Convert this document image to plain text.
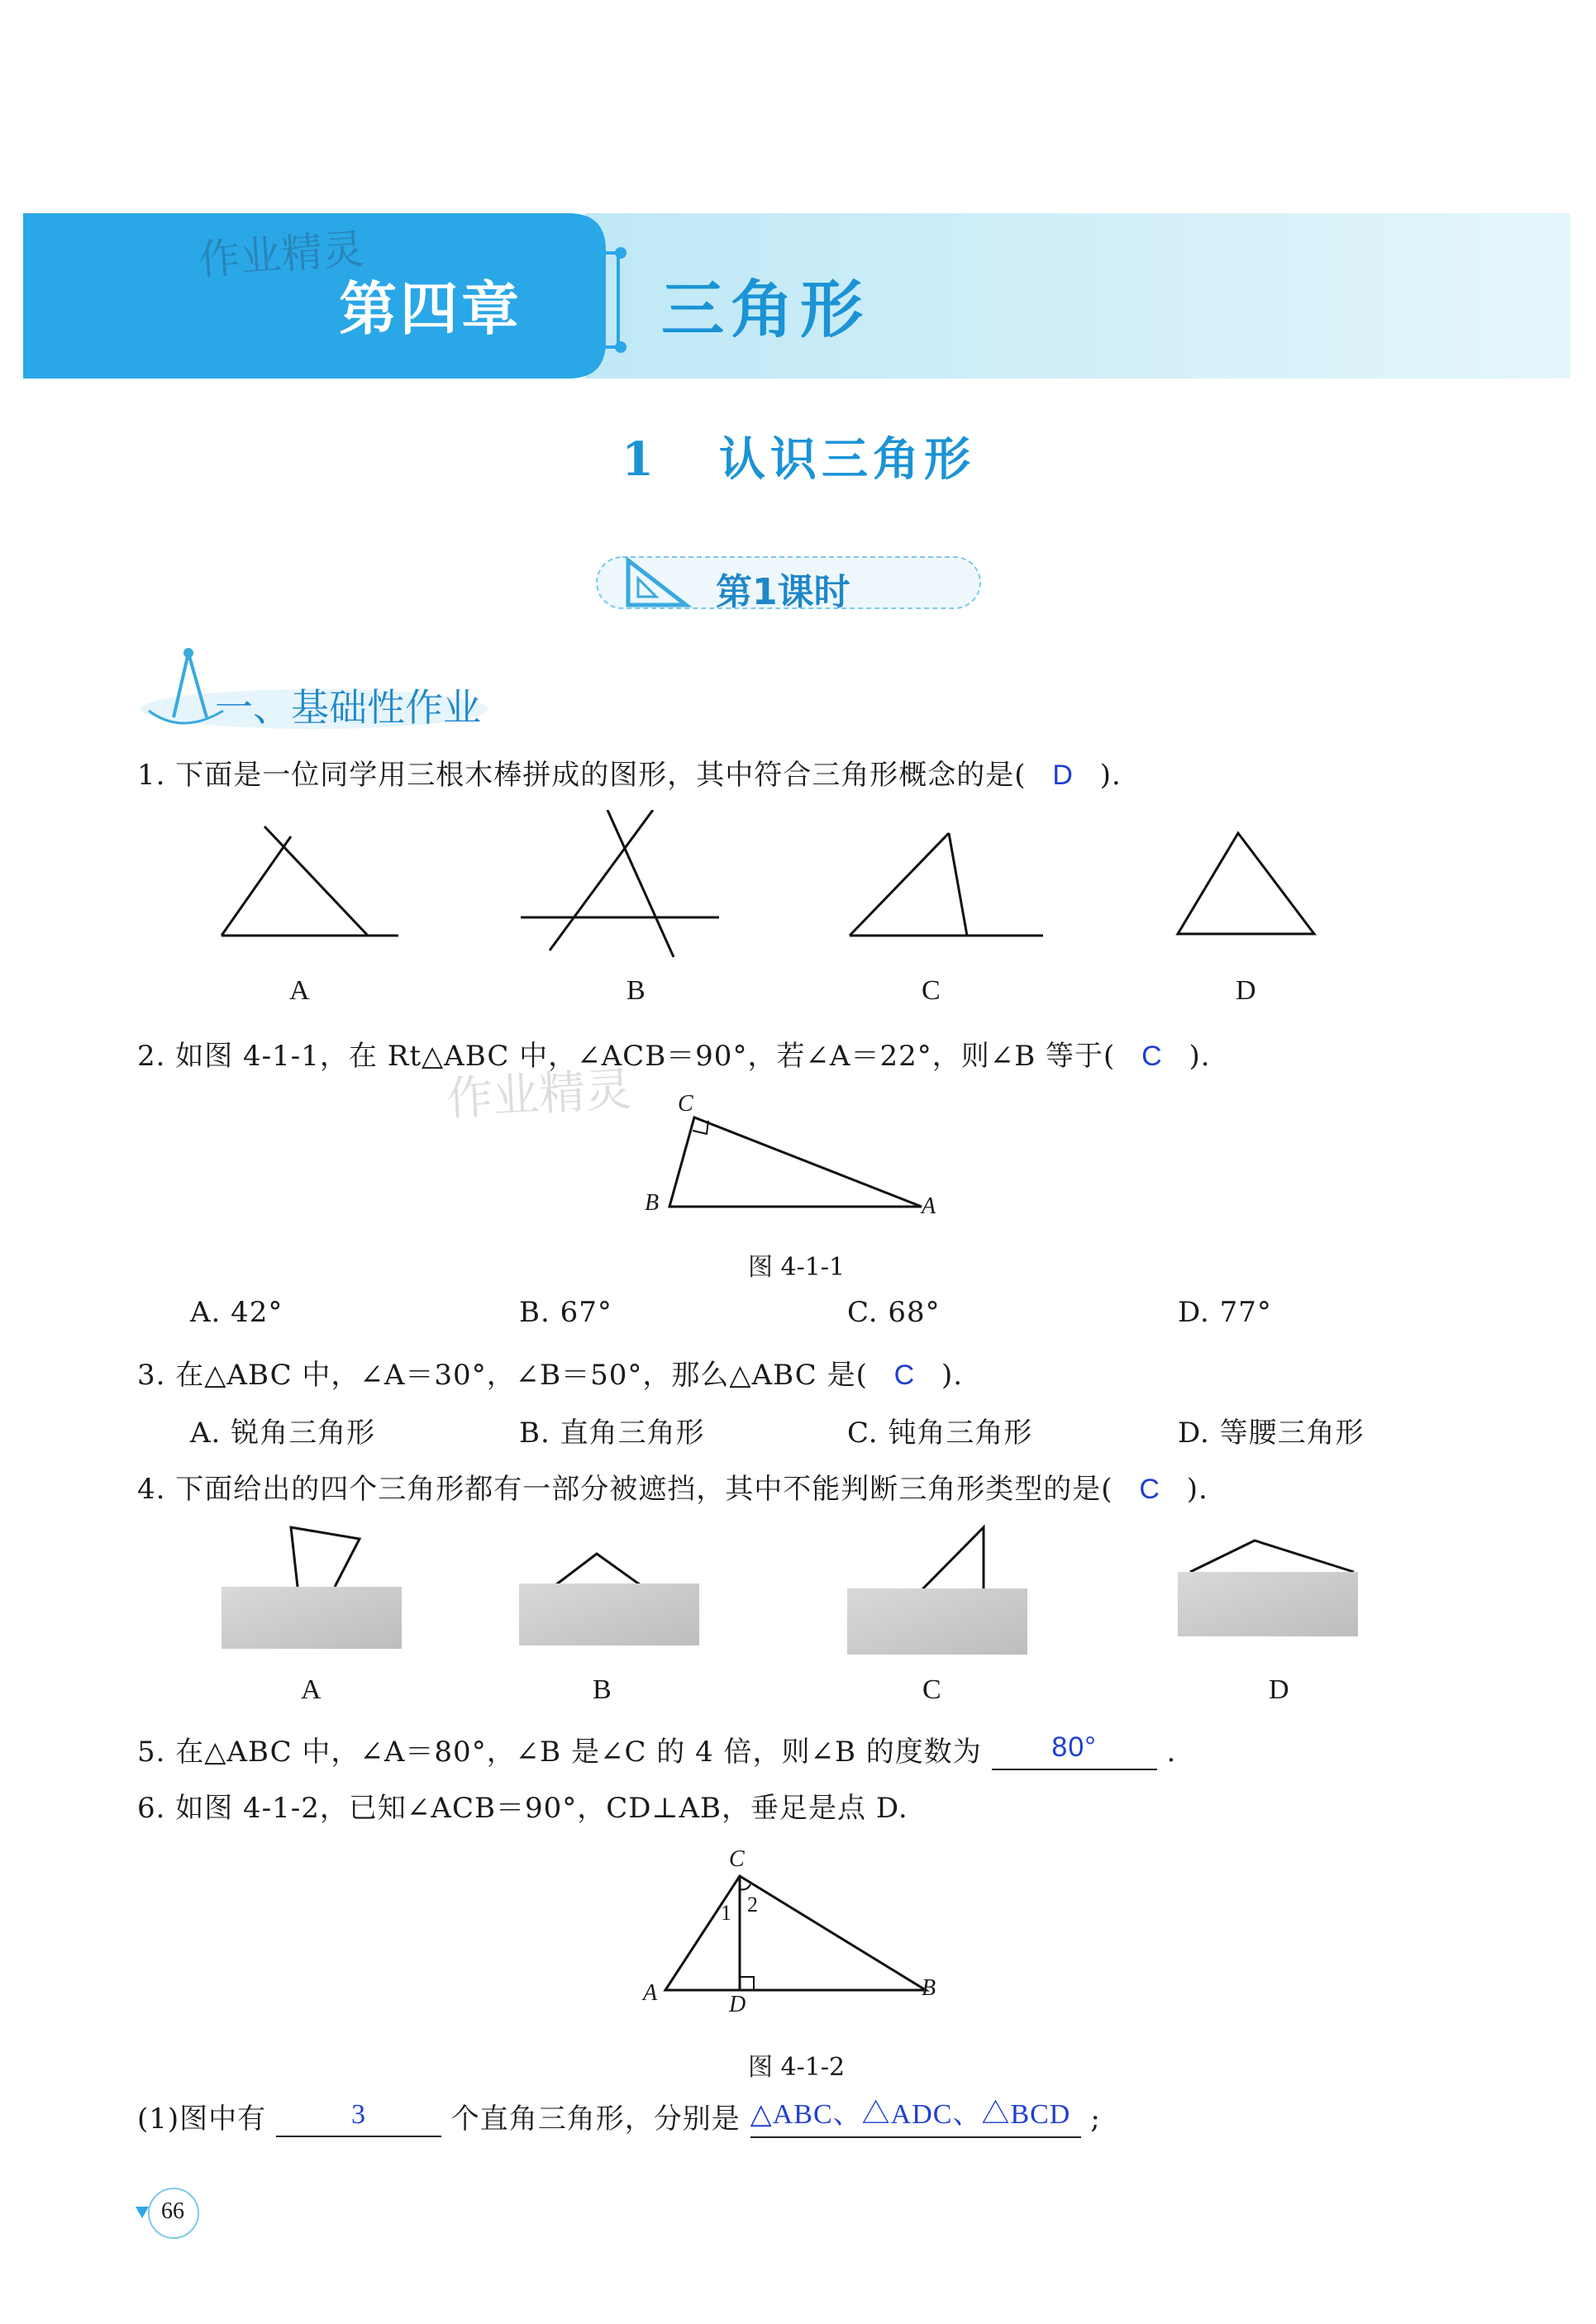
作业精灵
第四章 三角形
1 认识三角形
第1课时
一、基础性作业
1. 下面是一位同学用三根木棒拼成的图形，其中符合三角形概念的是( D ).
A	B	C	D
2. 如图 4-1-1，在 Rt△ABC 中，∠ACB＝90°，若∠A＝22°，则∠B 等于( C ).
作业精灵 C
B	A
图 4-1-1
A. 42°	B. 67°	C. 68°	D. 77°
3. 在△ABC 中，∠A＝30°，∠B＝50°，那么△ABC 是( C ).
A. 锐角三角形	B. 直角三角形	C. 钝角三角形	D. 等腰三角形
4. 下面给出的四个三角形都有一部分被遮挡，其中不能判断三角形类型的是( C ).
A	B	C	D
5. 在△ABC 中，∠A＝80°，∠B 是∠C 的 4 倍，则∠B 的度数为 80° .
6. 如图 4-1-2，已知∠ACB＝90°，CD⊥AB，垂足是点 D.
C
A	D
B
1 2
图 4-1-2
(1)图中有	3	个直角三角形，分别是 △ABC、△ADC、△BCD ;
66
